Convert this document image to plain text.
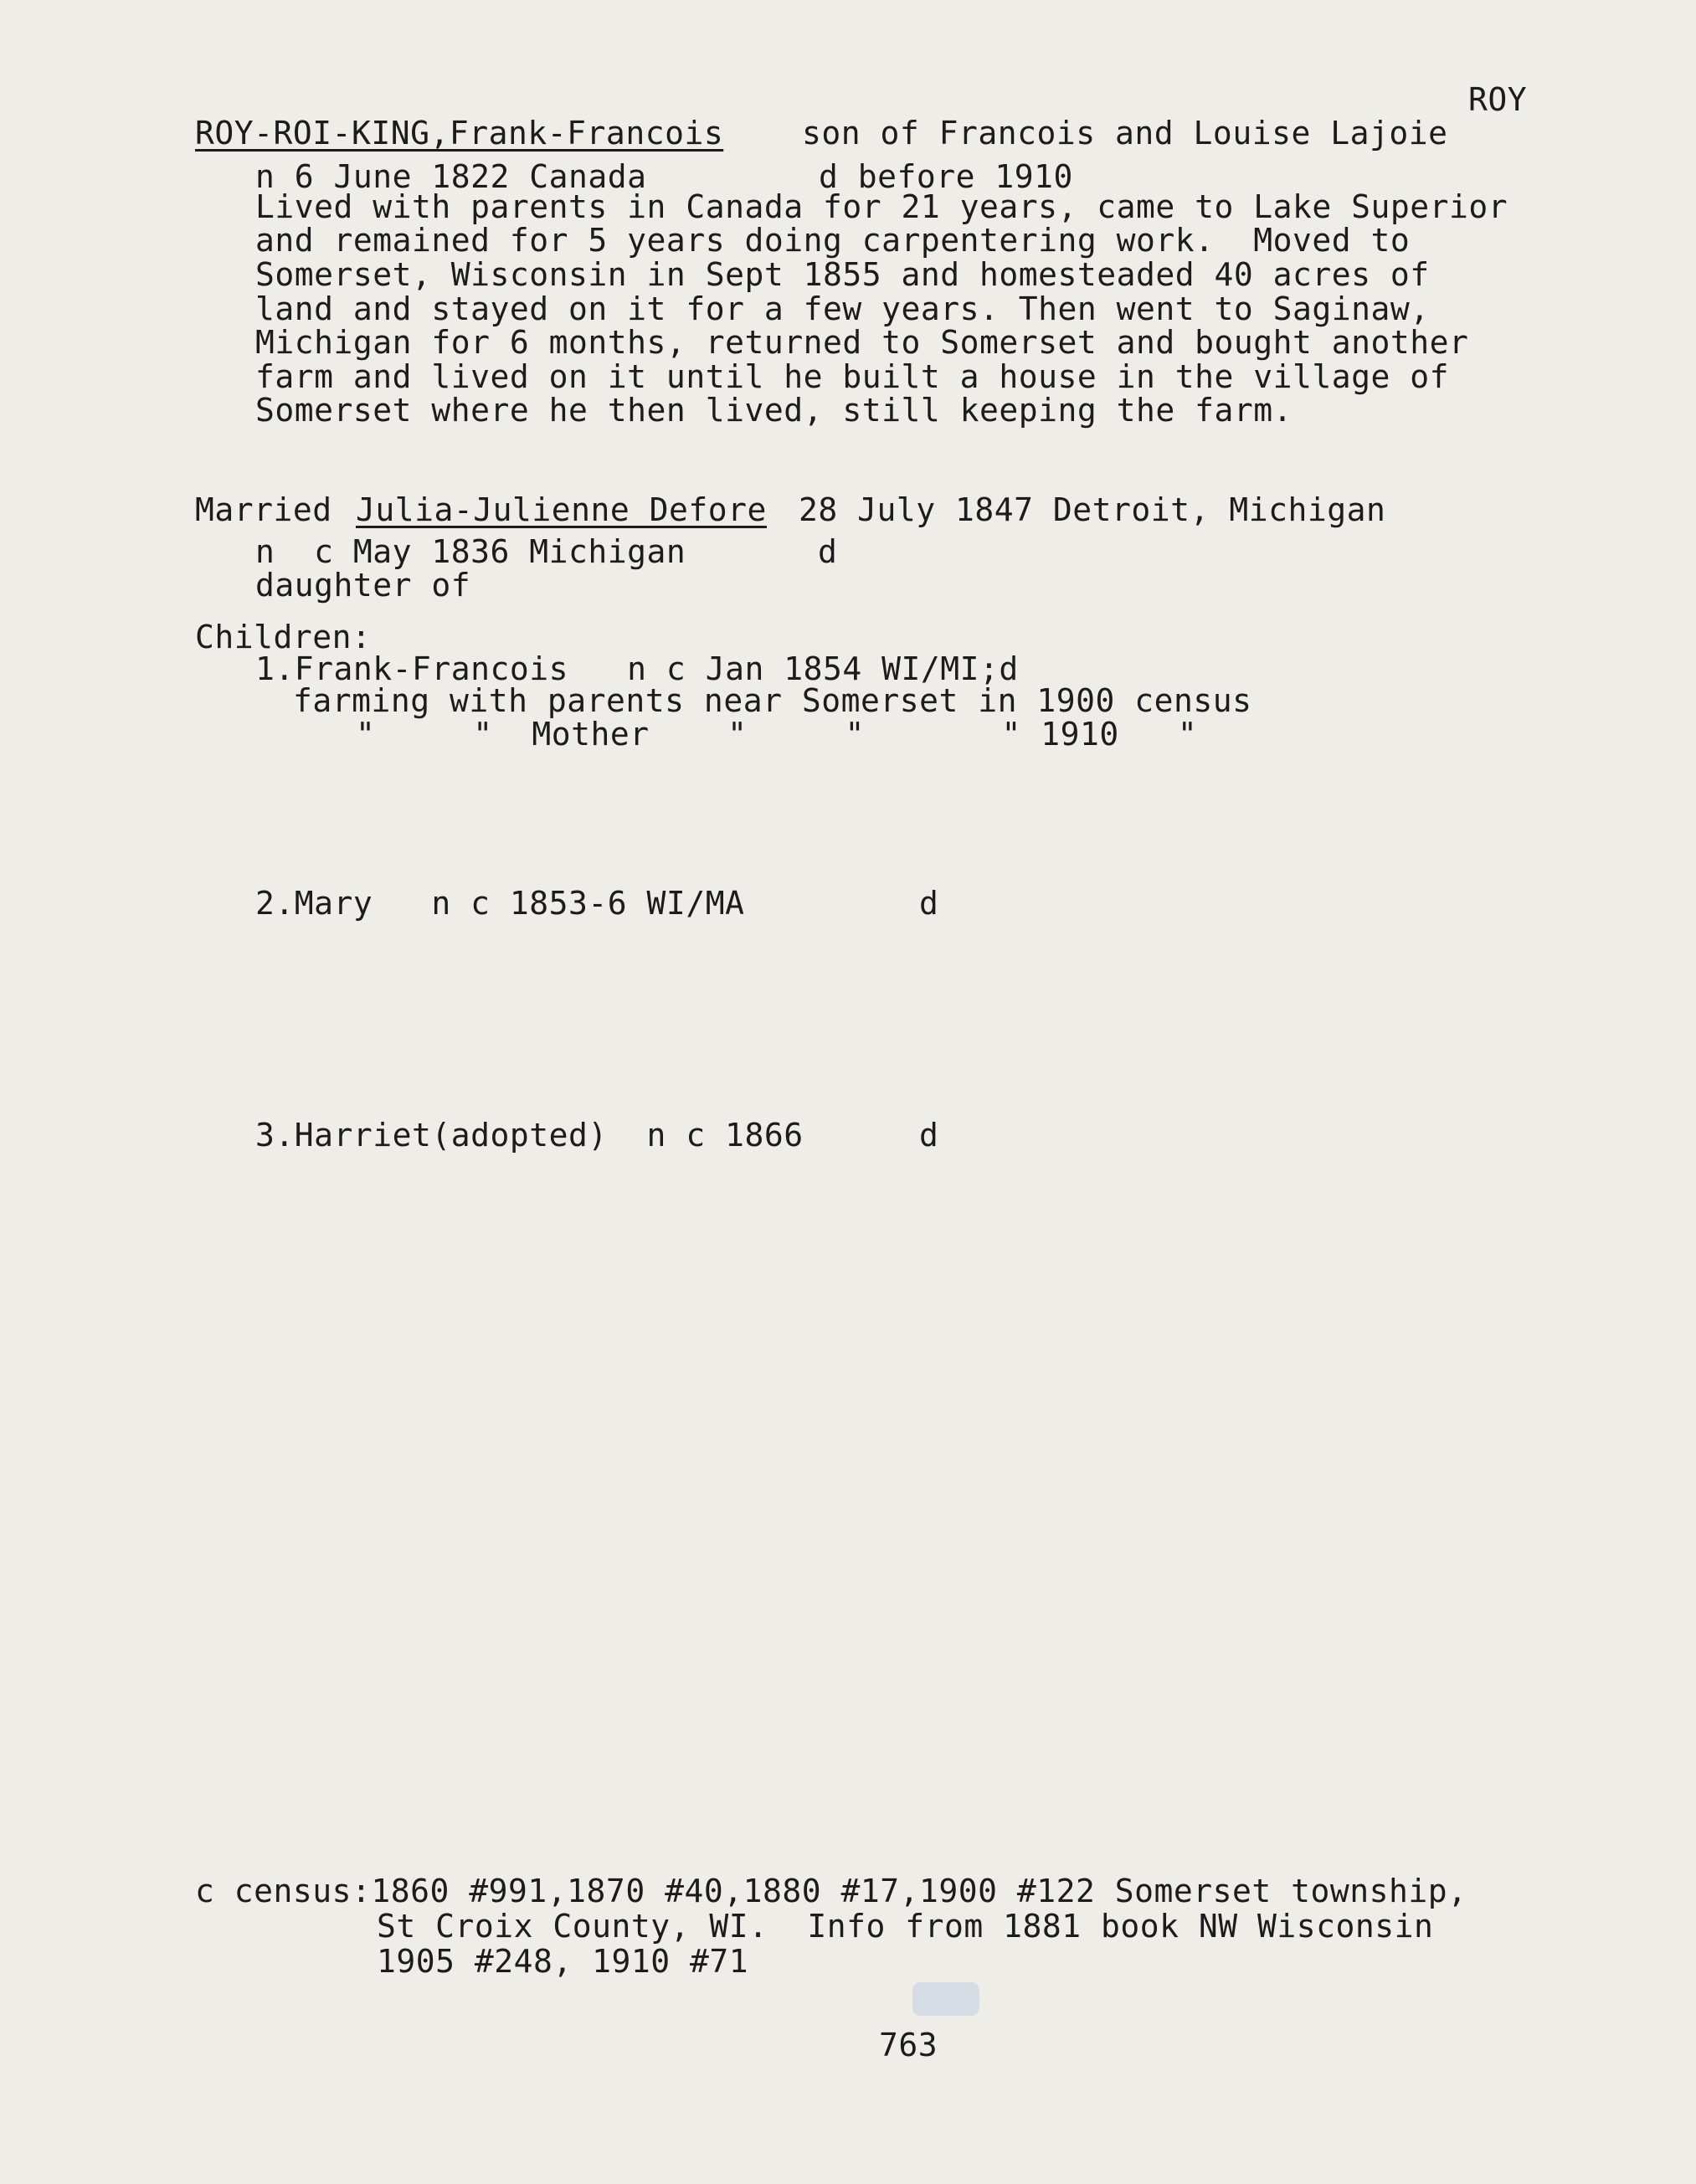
ROY
ROY-ROI-KING,Frank-Francois son of Francois and Louise Lajoie
n 6 June 1822 Canada	d before 1910
Lived with parents in Canada for 21 years, came to Lake Superior
and remained for 5 years doing carpentering work.  Moved to
Somerset, Wisconsin in Sept 1855 and homesteaded 40 acres of
land and stayed on it for a few years. Then went to Saginaw,
Michigan for 6 months, returned to Somerset and bought another
farm and lived on it until he built a house in the village of
Somerset where he then lived, still keeping the farm.
Married Julia-Julienne Defore 28 July 1847 Detroit, Michigan
n  c May 1836 Michigan	d
daughter of
Children:
1.Frank-Francois   n c Jan 1854 WI/MI;d
farming with parents near Somerset in 1900 census
"     "  Mother    "     "       " 1910   "
2.Mary   n c 1853-6 WI/MA	d
3.Harriet(adopted)  n c 1866	d
c census:1860 #991,1870 #40,1880 #17,1900 #122 Somerset township,
St Croix County, WI.  Info from 1881 book NW Wisconsin
1905 #248, 1910 #71
763
